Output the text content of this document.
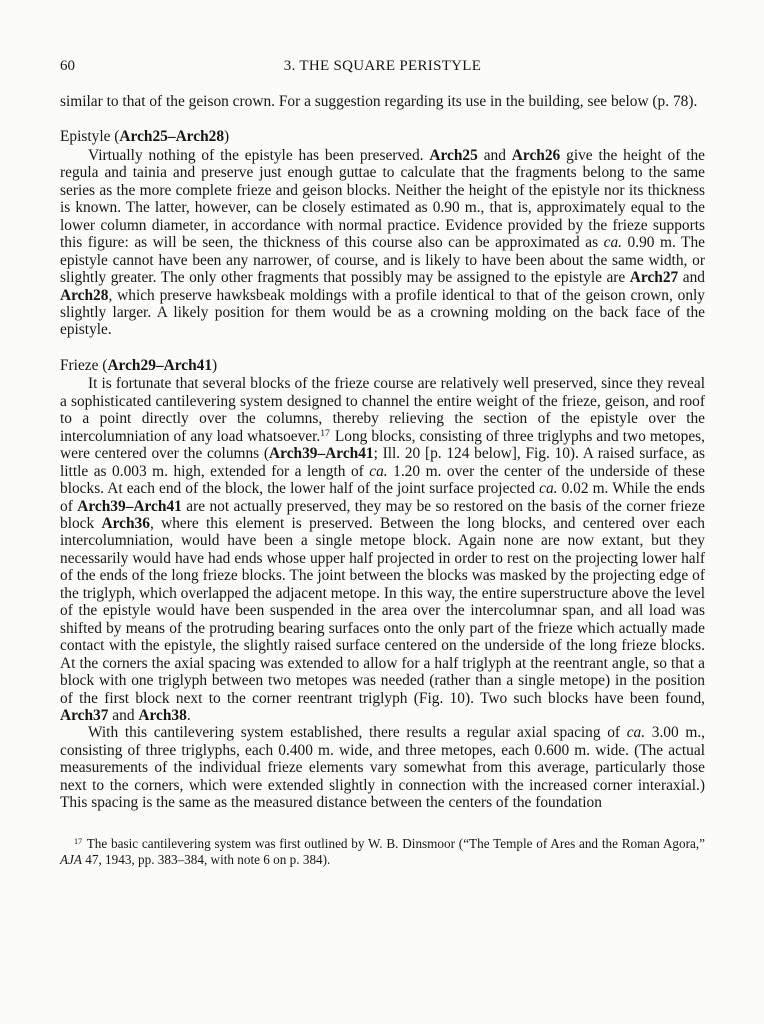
60	3. THE SQUARE PERISTYLE

similar to that of the geison crown. For a suggestion regarding its use in the building, see below (p. 78).

Epistyle (Arch25–Arch28)

Virtually nothing of the epistyle has been preserved. Arch25 and Arch26 give the height of the regula and tainia and preserve just enough guttae to calculate that the fragments belong to the same series as the more complete frieze and geison blocks. Neither the height of the epistyle nor its thickness is known. The latter, however, can be closely estimated as 0.90 m., that is, approximately equal to the lower column diameter, in accordance with normal practice. Evidence provided by the frieze supports this figure: as will be seen, the thickness of this course also can be approximated as ca. 0.90 m. The epistyle cannot have been any narrower, of course, and is likely to have been about the same width, or slightly greater. The only other fragments that possibly may be assigned to the epistyle are Arch27 and Arch28, which preserve hawksbeak moldings with a profile identical to that of the geison crown, only slightly larger. A likely position for them would be as a crowning molding on the back face of the epistyle.

Frieze (Arch29–Arch41)

It is fortunate that several blocks of the frieze course are relatively well preserved, since they reveal a sophisticated cantilevering system designed to channel the entire weight of the frieze, geison, and roof to a point directly over the columns, thereby relieving the section of the epistyle over the intercolumniation of any load whatsoever.$^{17}$ Long blocks, consisting of three triglyphs and two metopes, were centered over the columns (Arch39–Arch41; Ill. 20 [p. 124 below], Fig. 10). A raised surface, as little as 0.003 m. high, extended for a length of ca. 1.20 m. over the center of the underside of these blocks. At each end of the block, the lower half of the joint surface projected ca. 0.02 m. While the ends of Arch39–Arch41 are not actually preserved, they may be so restored on the basis of the corner frieze block Arch36, where this element is preserved. Between the long blocks, and centered over each intercolumniation, would have been a single metope block. Again none are now extant, but they necessarily would have had ends whose upper half projected in order to rest on the projecting lower half of the ends of the long frieze blocks. The joint between the blocks was masked by the projecting edge of the triglyph, which overlapped the adjacent metope. In this way, the entire superstructure above the level of the epistyle would have been suspended in the area over the intercolumnar span, and all load was shifted by means of the protruding bearing surfaces onto the only part of the frieze which actually made contact with the epistyle, the slightly raised surface centered on the underside of the long frieze blocks. At the corners the axial spacing was extended to allow for a half triglyph at the reentrant angle, so that a block with one triglyph between two metopes was needed (rather than a single metope) in the position of the first block next to the corner reentrant triglyph (Fig. 10). Two such blocks have been found, Arch37 and Arch38.

With this cantilevering system established, there results a regular axial spacing of ca. 3.00 m., consisting of three triglyphs, each 0.400 m. wide, and three metopes, each 0.600 m. wide. (The actual measurements of the individual frieze elements vary somewhat from this average, particularly those next to the corners, which were extended slightly in connection with the increased corner interaxial.) This spacing is the same as the measured distance between the centers of the foundation

$^{17}$ The basic cantilevering system was first outlined by W. B. Dinsmoor (“The Temple of Ares and the Roman Agora,” AJA 47, 1943, pp. 383–384, with note 6 on p. 384).
